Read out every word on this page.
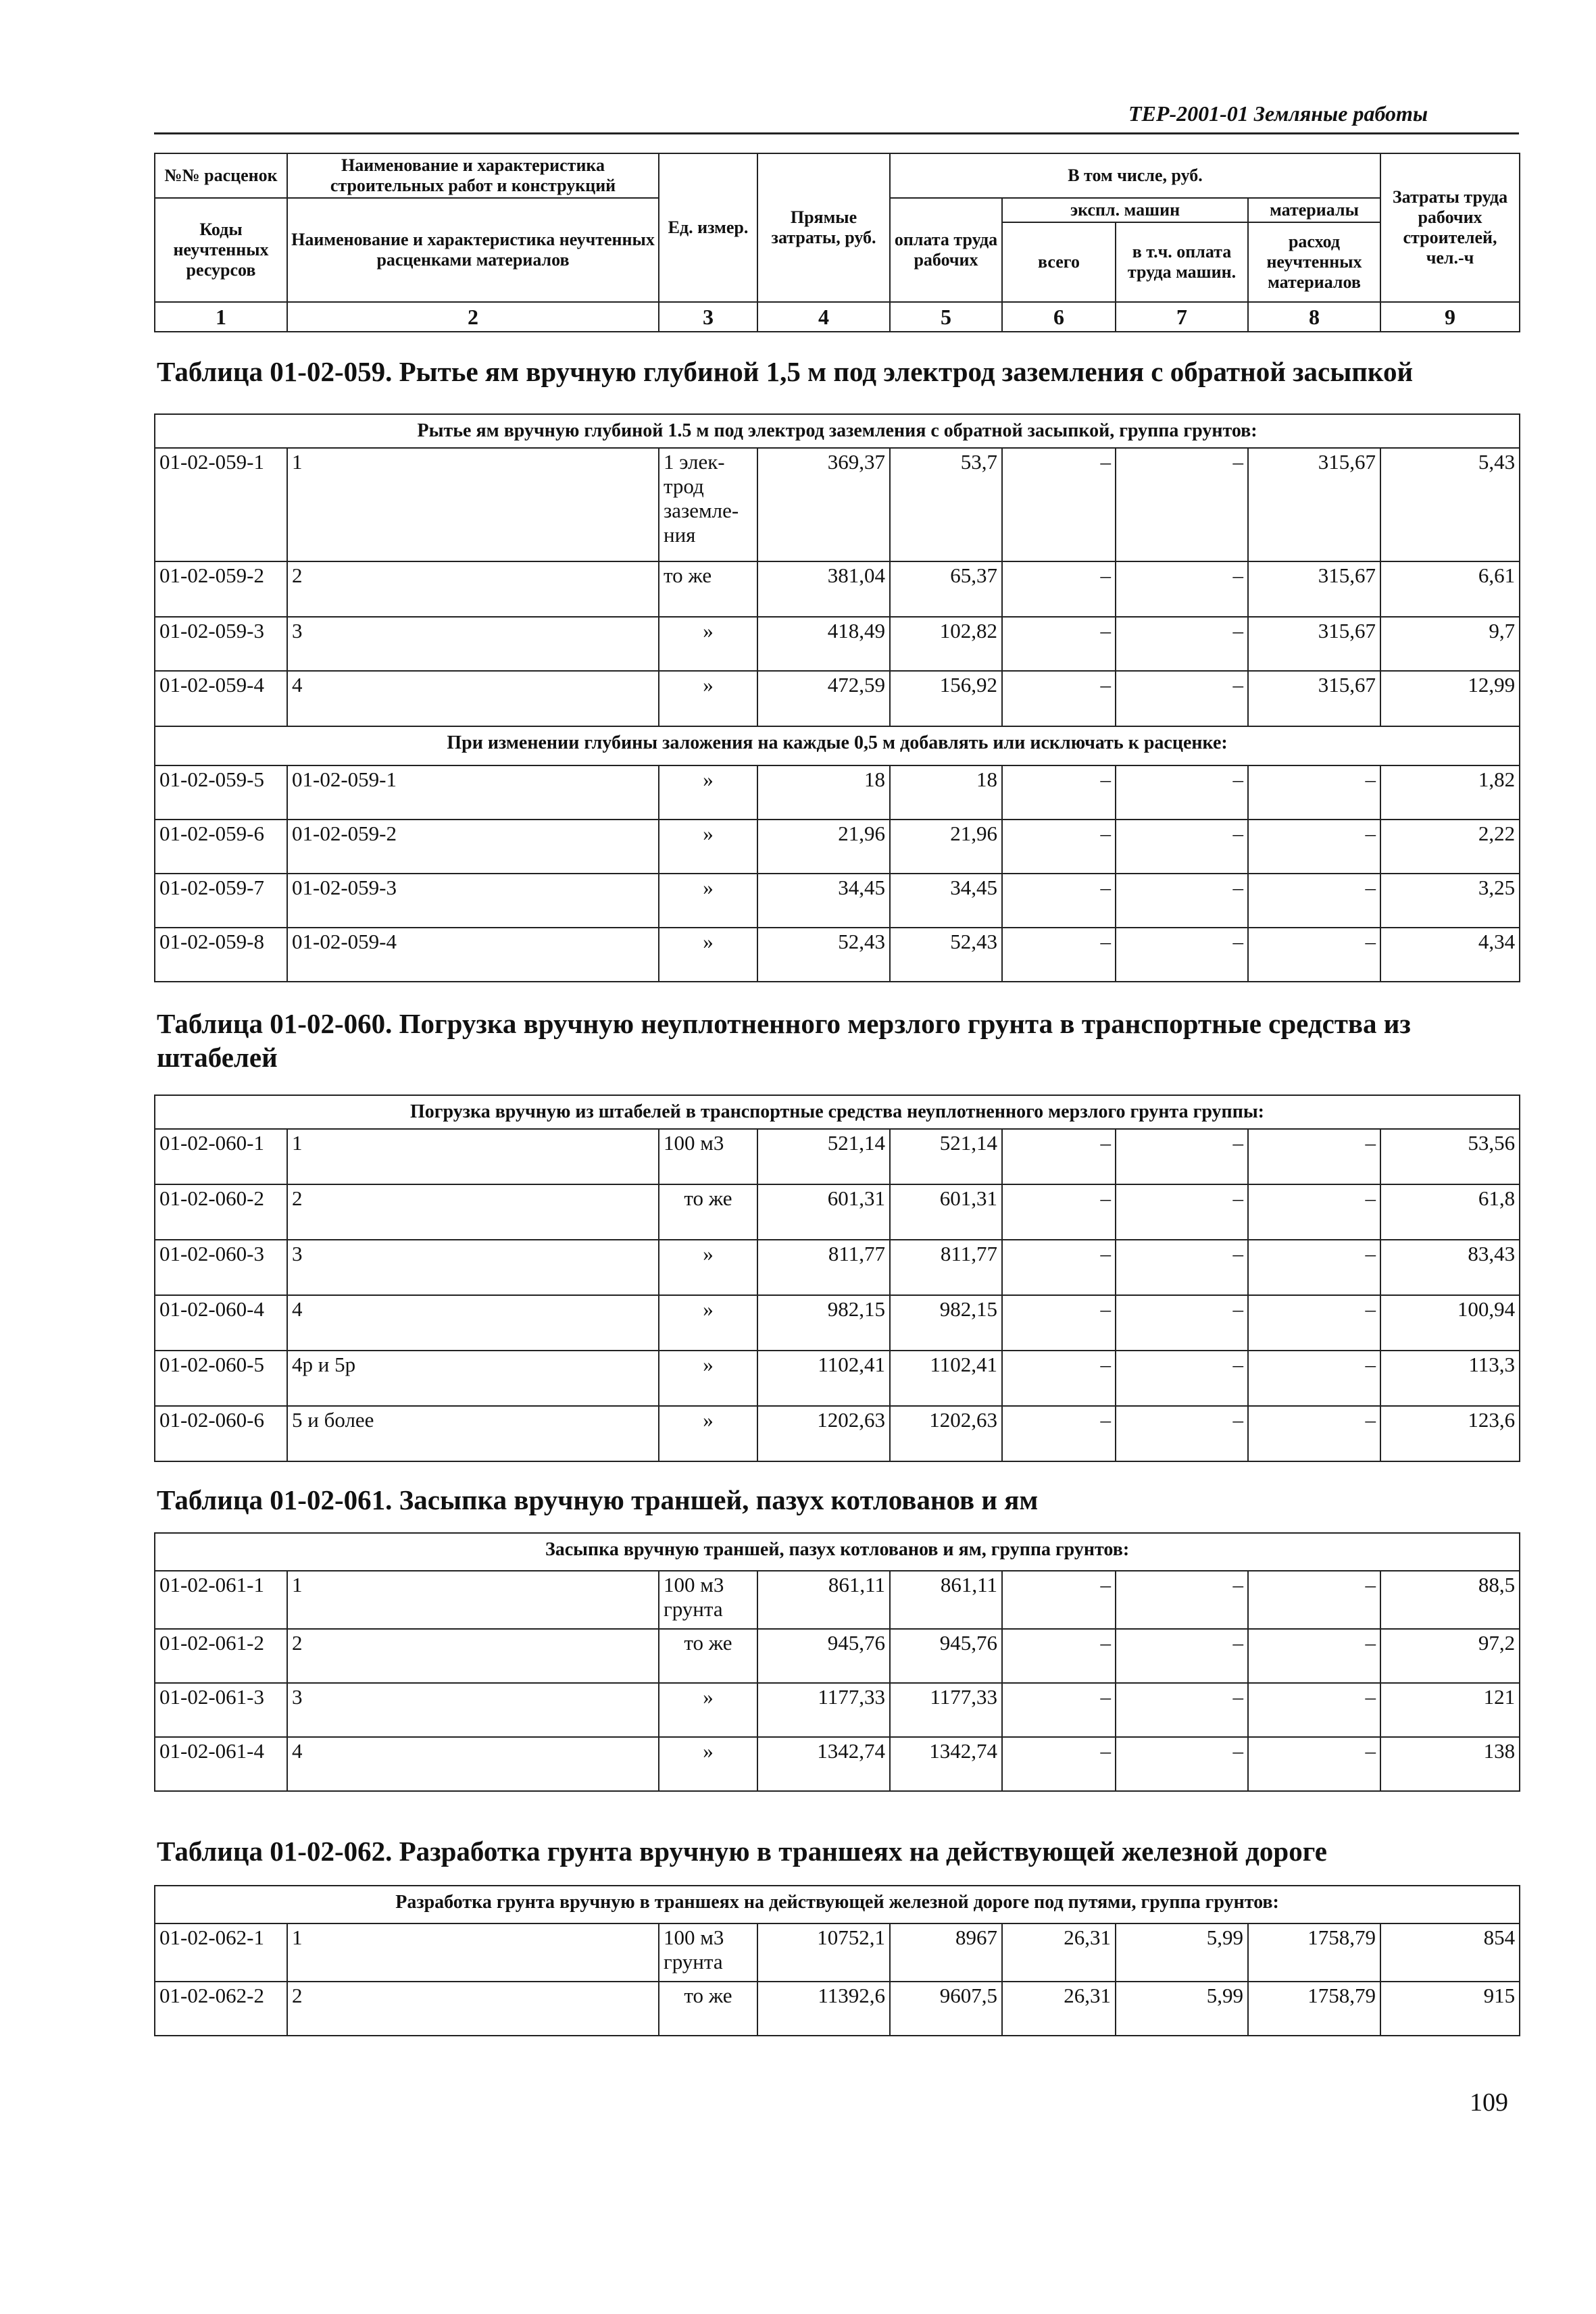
ТЕР-2001-01 Земляные работы
№№ расценок	Наименование и характеристика строительных работ и конструкций	Ед. измер.	Прямые затраты, руб.	В том числе, руб.				Затраты труда рабочих строителей, чел.-ч
Коды неучтенных ресурсов	Наименование и характеристика неучтенных расценками материалов			оплата труда рабочих	экспл. машин		материалы	
					всего	в т.ч. оплата труда машин.	расход неучтенных материалов	
1	2	3	4	5	6	7	8	9
Таблица 01-02-059. Рытье ям вручную глубиной 1,5 м под электрод заземления с обратной засыпкой
Рытье ям вручную глубиной 1.5 м под электрод заземления с обратной засыпкой, группа грунтов:								
01-02-059-1	1	1 элек-трод заземле-ния	369,37	53,7	–	–	315,67	5,43
01-02-059-2	2	то же	381,04	65,37	–	–	315,67	6,61
01-02-059-3	3	»	418,49	102,82	–	–	315,67	9,7
01-02-059-4	4	»	472,59	156,92	–	–	315,67	12,99
При изменении глубины заложения на каждые 0,5 м добавлять или исключать к расценке:								
01-02-059-5	01-02-059-1	»	18	18	–	–	–	1,82
01-02-059-6	01-02-059-2	»	21,96	21,96	–	–	–	2,22
01-02-059-7	01-02-059-3	»	34,45	34,45	–	–	–	3,25
01-02-059-8	01-02-059-4	»	52,43	52,43	–	–	–	4,34
Таблица 01-02-060. Погрузка вручную неуплотненного мерзлого грунта в транспортные средства из штабелей
Погрузка вручную из штабелей в транспортные средства неуплотненного мерзлого грунта группы:								
01-02-060-1	1	100 м3	521,14	521,14	–	–	–	53,56
01-02-060-2	2	то же	601,31	601,31	–	–	–	61,8
01-02-060-3	3	»	811,77	811,77	–	–	–	83,43
01-02-060-4	4	»	982,15	982,15	–	–	–	100,94
01-02-060-5	4р и 5р	»	1102,41	1102,41	–	–	–	113,3
01-02-060-6	5 и более	»	1202,63	1202,63	–	–	–	123,6
Таблица 01-02-061. Засыпка вручную траншей, пазух котлованов и ям
Засыпка вручную траншей, пазух котлованов и ям, группа грунтов:								
01-02-061-1	1	100 м3 грунта	861,11	861,11	–	–	–	88,5
01-02-061-2	2	то же	945,76	945,76	–	–	–	97,2
01-02-061-3	3	»	1177,33	1177,33	–	–	–	121
01-02-061-4	4	»	1342,74	1342,74	–	–	–	138
Таблица 01-02-062. Разработка грунта вручную в траншеях на действующей железной дороге
Разработка грунта вручную в траншеях на действующей железной дороге под путями, группа грунтов:								
01-02-062-1	1	100 м3 грунта	10752,1	8967	26,31	5,99	1758,79	854
01-02-062-2	2	то же	11392,6	9607,5	26,31	5,99	1758,79	915
109
